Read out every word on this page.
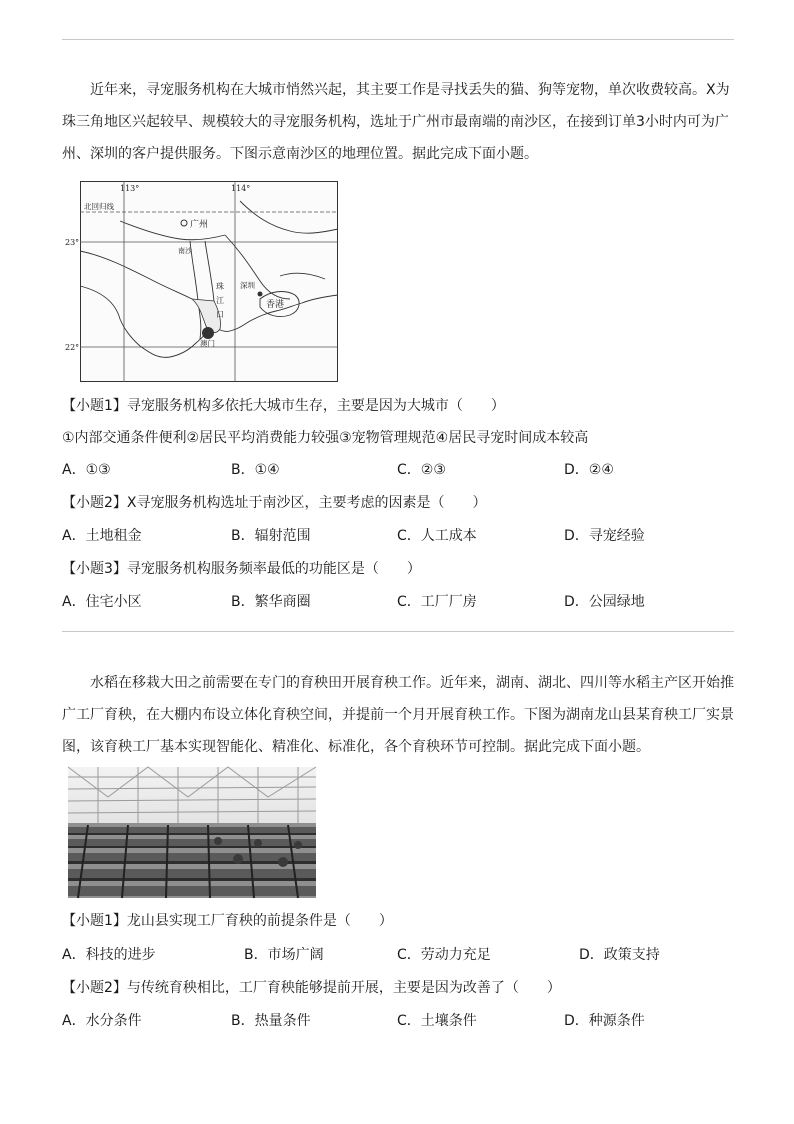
近年来，寻宠服务机构在大城市悄然兴起，其主要工作是寻找丢失的猫、狗等宠物，单次收费较高。X为珠三角地区兴起较早、规模较大的寻宠服务机构，选址于广州市最南端的南沙区，在接到订单3小时内可为广州、深圳的客户提供服务。下图示意南沙区的地理位置。据此完成下面小题。
113°	114°
23°
22°
北回归线
广州
南沙
珠
江
口
深圳
香港
澳门
【小题1】寻宠服务机构多依托大城市生存，主要是因为大城市（　　）
①内部交通条件便利②居民平均消费能力较强③宠物管理规范④居民寻宠时间成本较高
A．①③	B．①④	C．②③	D．②④
【小题2】X寻宠服务机构选址于南沙区，主要考虑的因素是（　　）
A．土地租金	B．辐射范围	C．人工成本	D．寻宠经验
【小题3】寻宠服务机构服务频率最低的功能区是（　　）
A．住宅小区	B．繁华商圈	C．工厂厂房	D．公园绿地
水稻在移栽大田之前需要在专门的育秧田开展育秧工作。近年来，湖南、湖北、四川等水稻主产区开始推广工厂育秧，在大棚内布设立体化育秧空间，并提前一个月开展育秧工作。下图为湖南龙山县某育秧工厂实景图，该育秧工厂基本实现智能化、精准化、标准化，各个育秧环节可控制。据此完成下面小题。
【小题1】龙山县实现工厂育秧的前提条件是（　　）
A．科技的进步	B．市场广阔	C．劳动力充足	D．政策支持
【小题2】与传统育秧相比，工厂育秧能够提前开展，主要是因为改善了（　　）
A．水分条件	B．热量条件	C．土壤条件	D．种源条件
